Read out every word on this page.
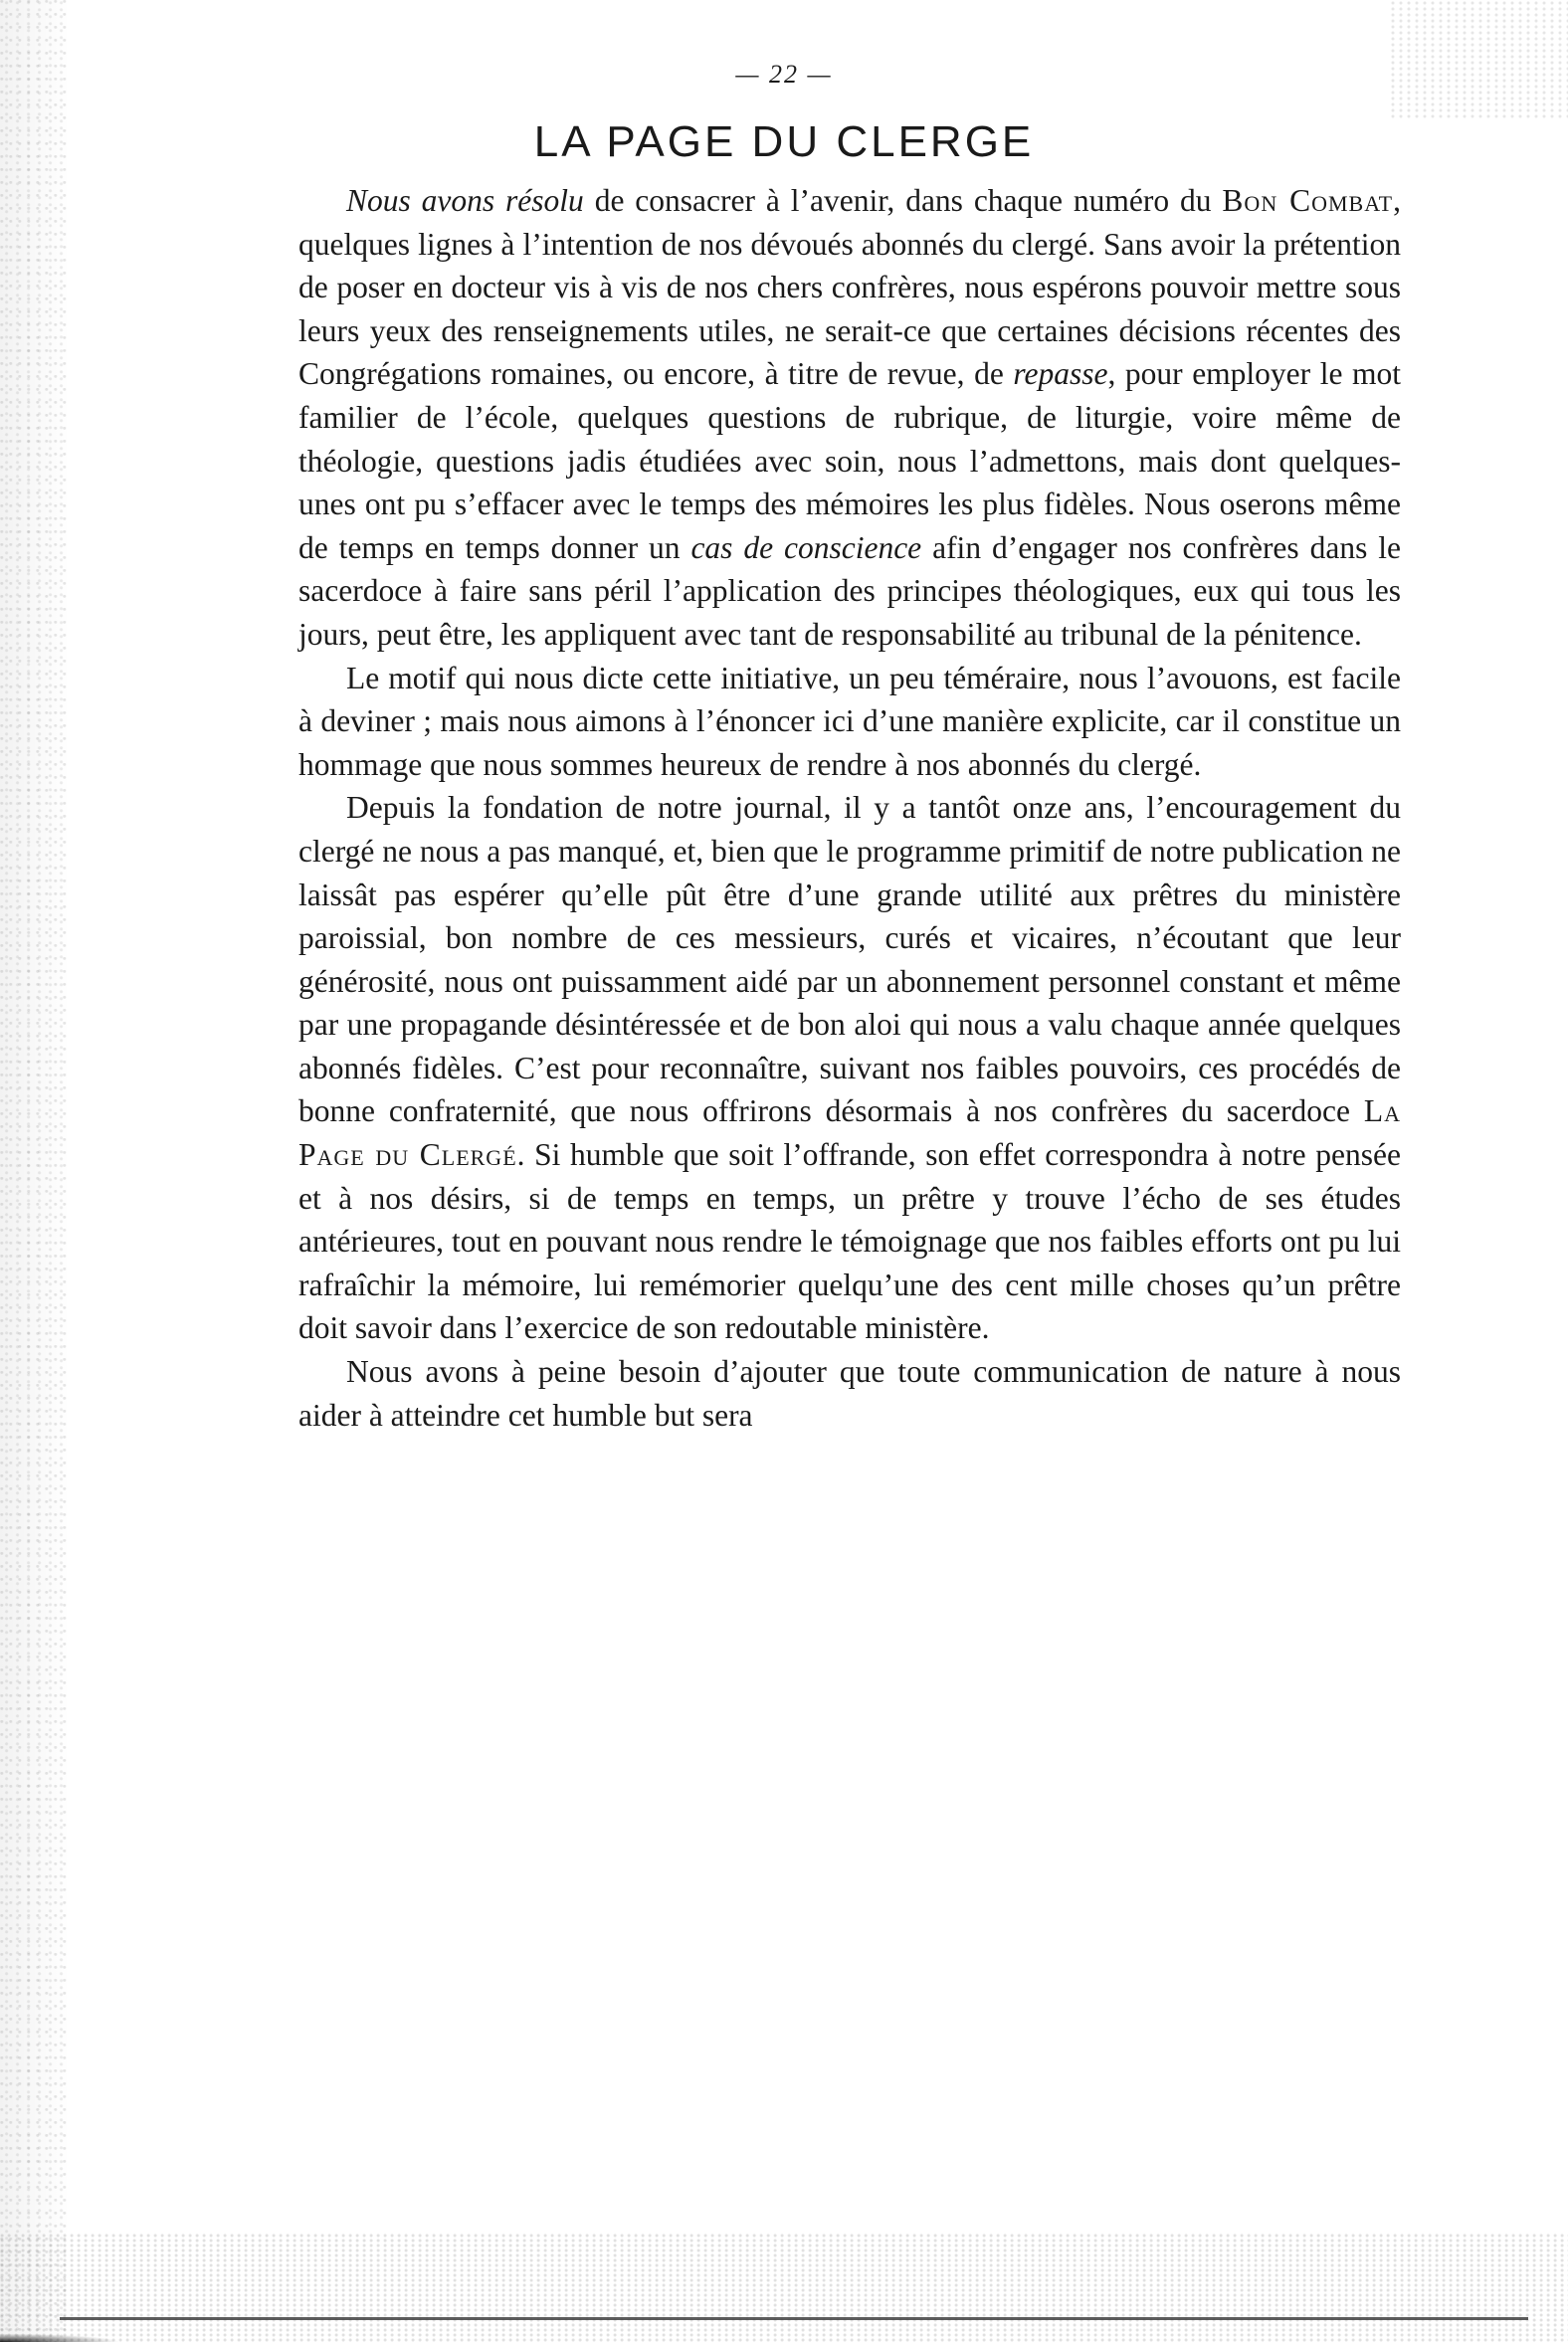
— 22 —
LA PAGE DU CLERGE

Nous avons résolu de consacrer à l’avenir, dans chaque numéro du Bon Combat, quelques lignes à l’intention de nos dévoués abonnés du clergé. Sans avoir la prétention de poser en docteur vis à vis de nos chers confrères, nous espérons pouvoir mettre sous leurs yeux des renseignements utiles, ne serait-ce que certaines décisions récentes des Congrégations romaines, ou encore, à titre de revue, de repasse, pour employer le mot familier de l’école, quelques questions de rubrique, de liturgie, voire même de théologie, questions jadis étudiées avec soin, nous l’admettons, mais dont quelques-unes ont pu s’effacer avec le temps des mémoires les plus fidèles. Nous oserons même de temps en temps donner un cas de conscience afin d’engager nos confrères dans le sacerdoce à faire sans péril l’application des principes théologiques, eux qui tous les jours, peut être, les appliquent avec tant de responsabilité au tribunal de la pénitence.

Le motif qui nous dicte cette initiative, un peu téméraire, nous l’avouons, est facile à deviner ; mais nous aimons à l’énoncer ici d’une manière explicite, car il constitue un hommage que nous sommes heureux de rendre à nos abonnés du clergé.

Depuis la fondation de notre journal, il y a tantôt onze ans, l’encouragement du clergé ne nous a pas manqué, et, bien que le programme primitif de notre publication ne laissât pas espérer qu’elle pût être d’une grande utilité aux prêtres du ministère paroissial, bon nombre de ces messieurs, curés et vicaires, n’écoutant que leur générosité, nous ont puissamment aidé par un abonnement personnel constant et même par une propagande désintéressée et de bon aloi qui nous a valu chaque année quelques abonnés fidèles. C’est pour reconnaître, suivant nos faibles pouvoirs, ces procédés de bonne confraternité, que nous offrirons désormais à nos confrères du sacerdoce La Page du Clergé. Si humble que soit l’offrande, son effet correspondra à notre pensée et à nos désirs, si de temps en temps, un prêtre y trouve l’écho de ses études antérieures, tout en pouvant nous rendre le témoignage que nos faibles efforts ont pu lui rafraîchir la mémoire, lui remémorier quelqu’une des cent mille choses qu’un prêtre doit savoir dans l’exercice de son redoutable ministère.

Nous avons à peine besoin d’ajouter que toute communication de nature à nous aider à atteindre cet humble but sera
